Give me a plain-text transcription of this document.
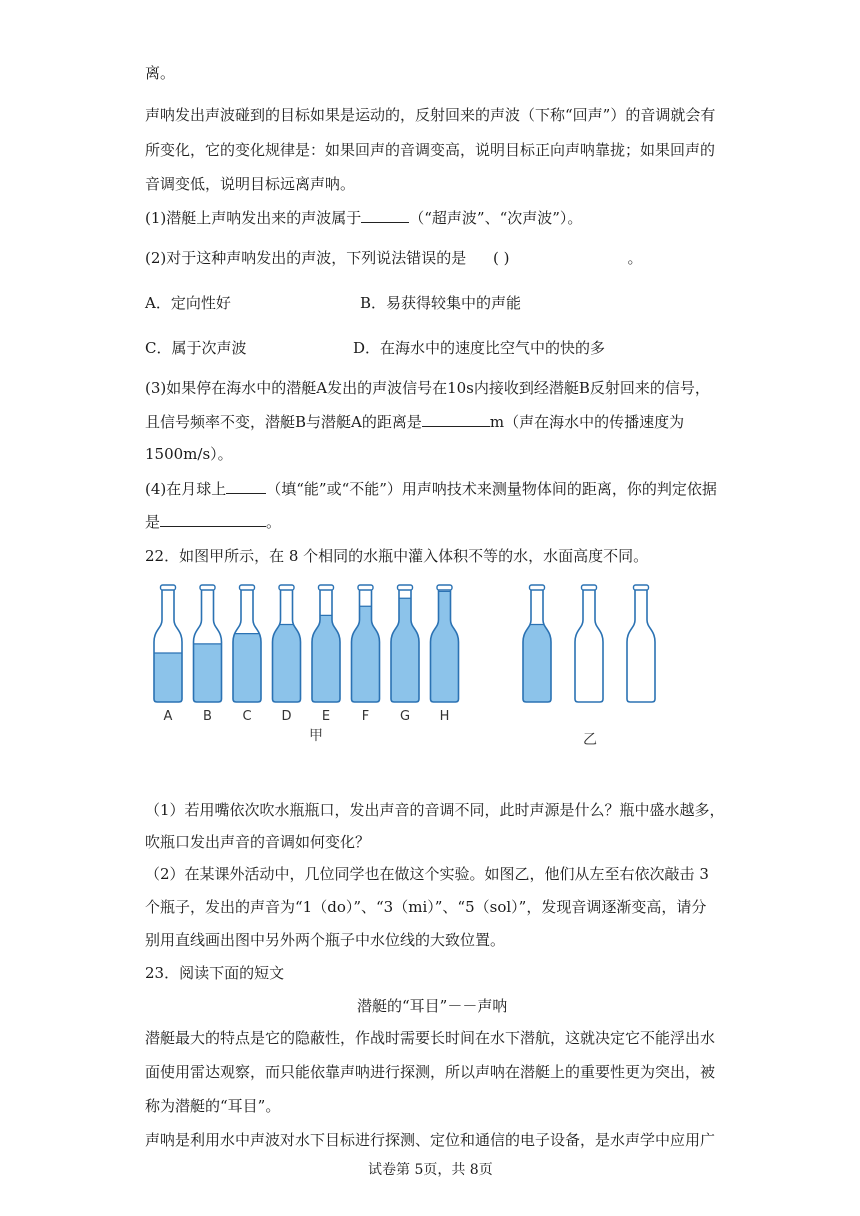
离。
声呐发出声波碰到的目标如果是运动的，反射回来的声波（下称“回声”）的音调就会有
所变化，它的变化规律是：如果回声的音调变高，说明目标正向声呐靠拢；如果回声的
音调变低，说明目标远离声呐。
(1)潜艇上声呐发出来的声波属于	（“超声波”、“次声波”）。
(2)对于这种声呐发出的声波，下列说法错误的是 ( )	。
A．定向性好	B．易获得较集中的声能
C．属于次声波	D．在海水中的速度比空气中的快的多
(3)如果停在海水中的潜艇A发出的声波信号在10s内接收到经潜艇B反射回来的信号，
且信号频率不变，潜艇B与潜艇A的距离是	m（声在海水中的传播速度为
1500m/s）。
(4)在月球上	（填“能”或“不能”）用声呐技术来测量物体间的距离，你的判定依据
是	。
22．如图甲所示，在 8 个相同的水瓶中灌入体积不等的水，水面高度不同。
A B C D E F G H
甲	乙
（1）若用嘴依次吹水瓶瓶口，发出声音的音调不同，此时声源是什么？瓶中盛水越多，
吹瓶口发出声音的音调如何变化？
（2）在某课外活动中，几位同学也在做这个实验。如图乙，他们从左至右依次敲击 3
个瓶子，发出的声音为“1（do）”、“3（mi）”、“5（sol）”，发现音调逐渐变高，请分
别用直线画出图中另外两个瓶子中水位线的大致位置。
23．阅读下面的短文
潜艇的“耳目”－－声呐
潜艇最大的特点是它的隐蔽性，作战时需要长时间在水下潜航，这就决定它不能浮出水
面使用雷达观察，而只能依靠声呐进行探测，所以声呐在潜艇上的重要性更为突出，被
称为潜艇的“耳目”。
声呐是利用水中声波对水下目标进行探测、定位和通信的电子设备，是水声学中应用广
试卷第 5页，共 8页
